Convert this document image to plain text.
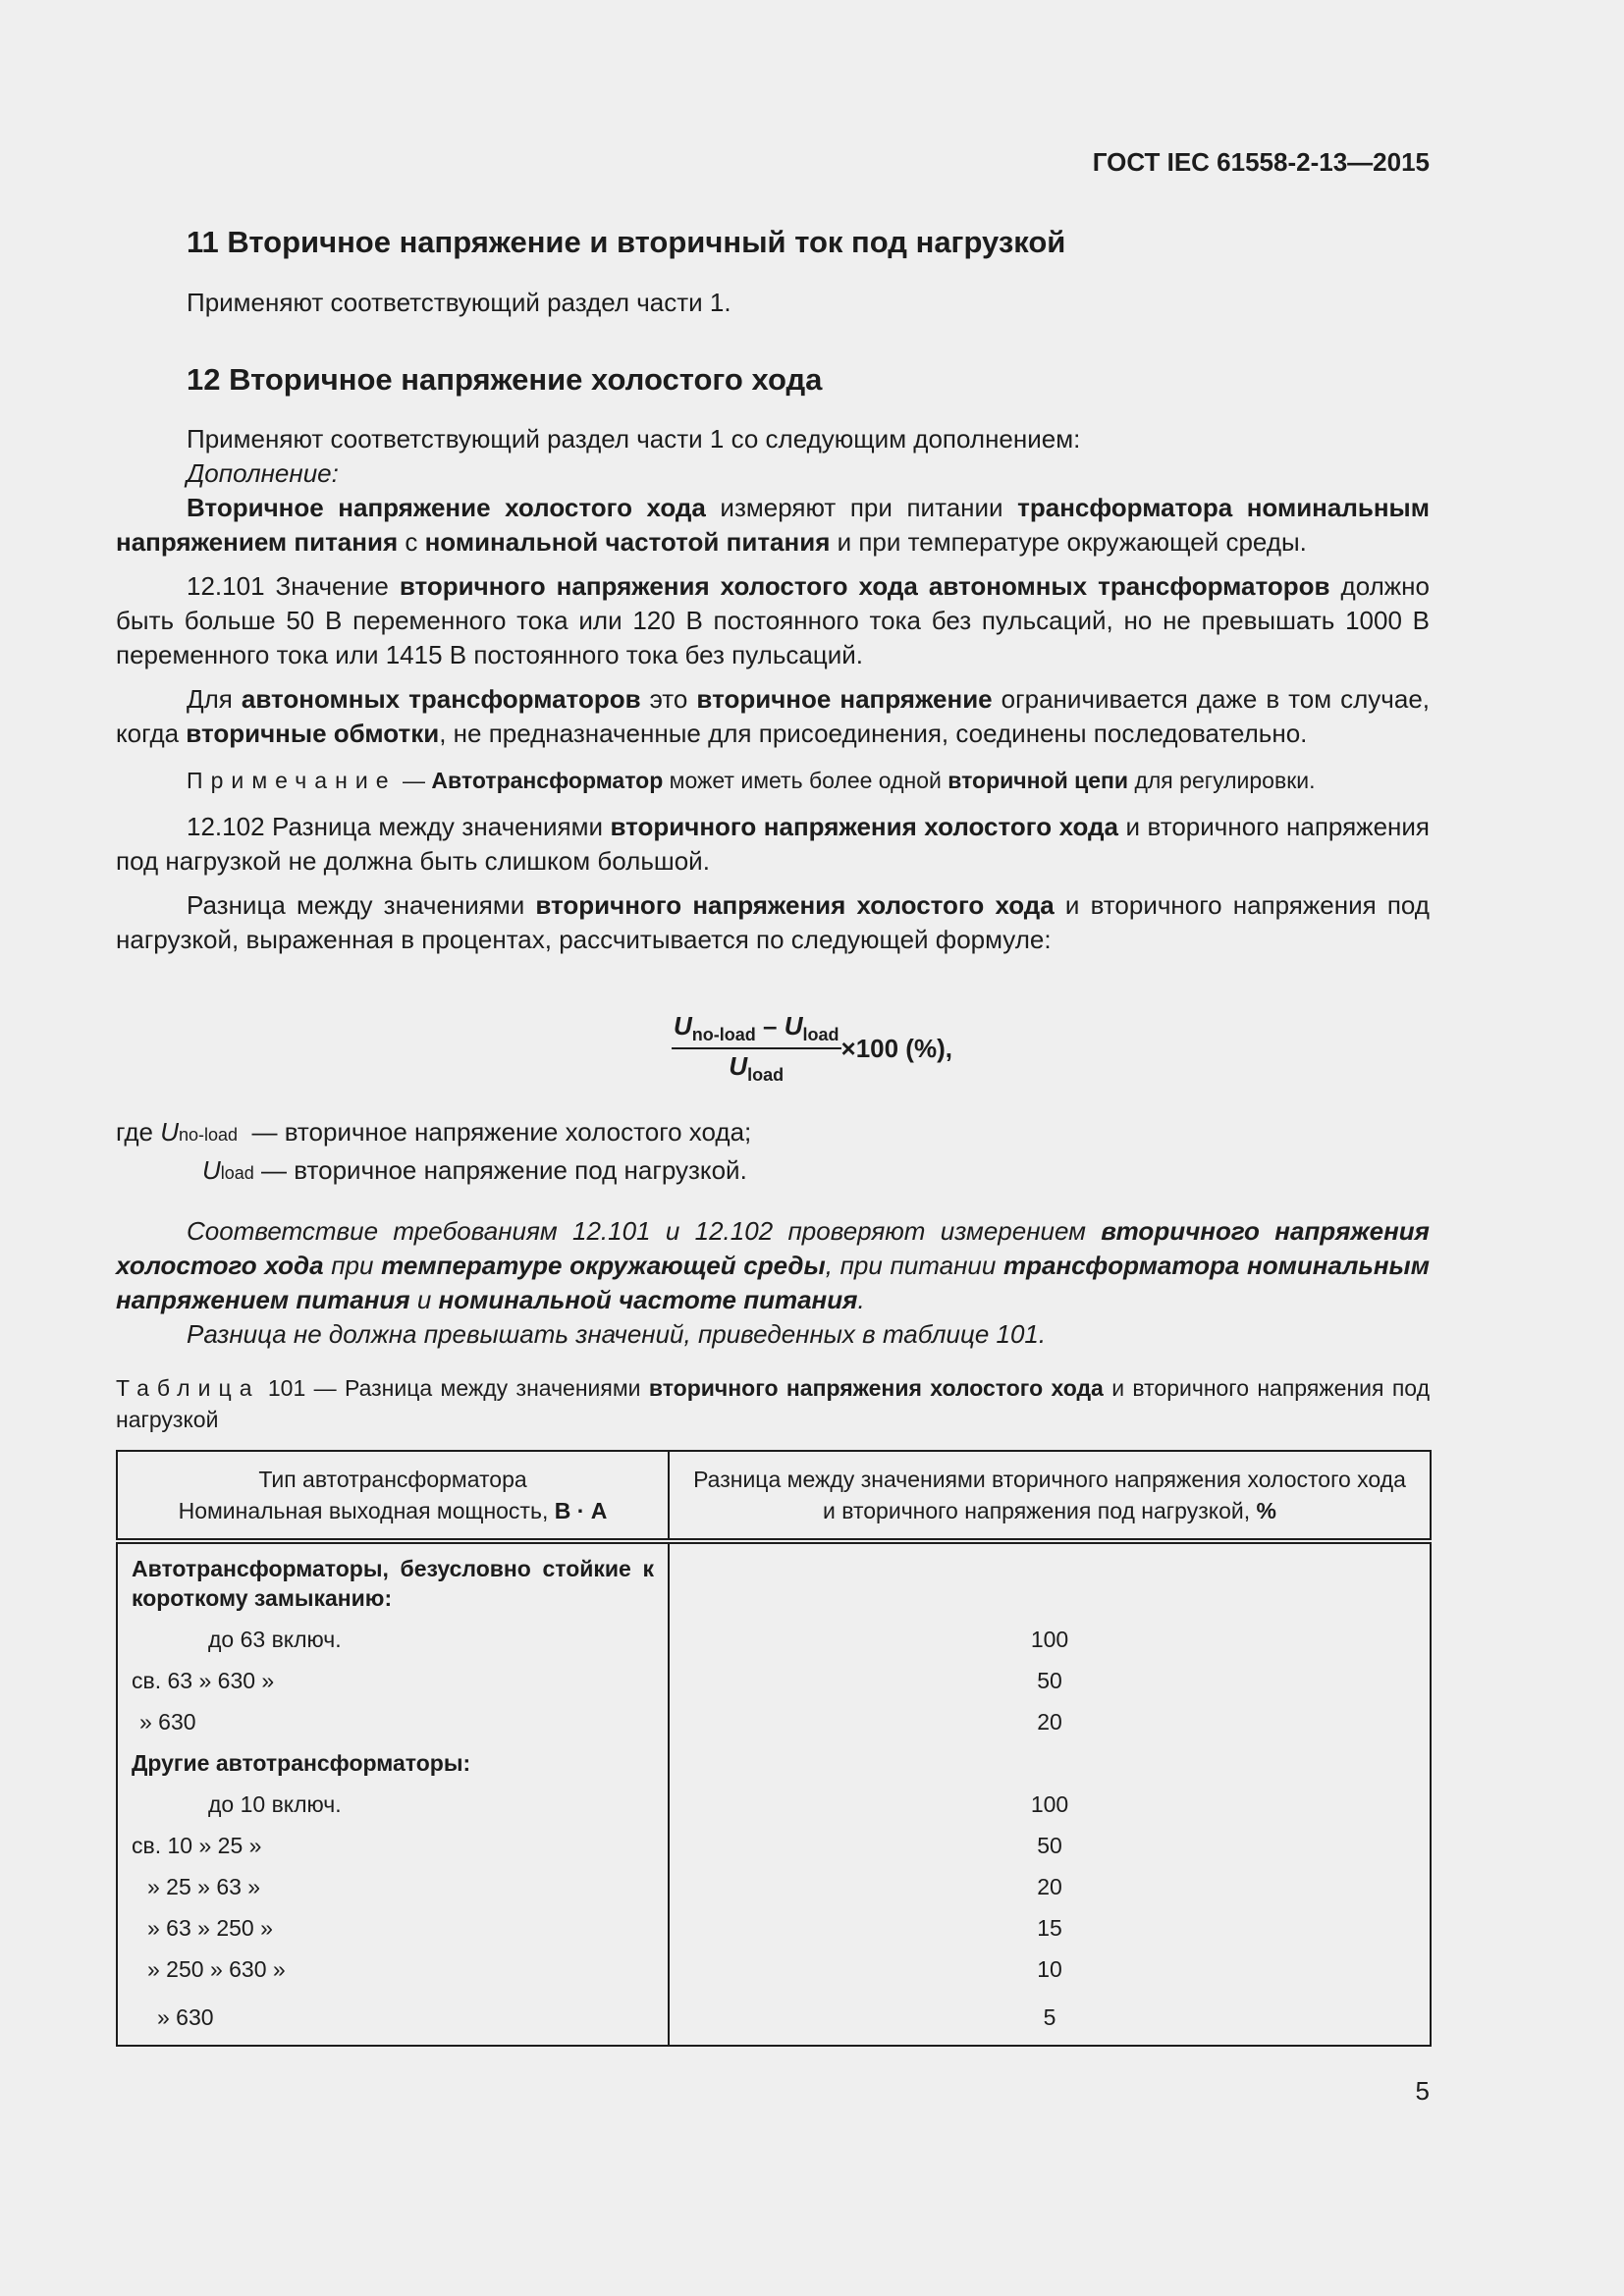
ГОСТ IEC 61558-2-13—2015
11 Вторичное напряжение и вторичный ток под нагрузкой

Применяют соответствующий раздел части 1.

12 Вторичное напряжение холостого хода

Применяют соответствующий раздел части 1 со следующим дополнением:

Дополнение:

Вторичное напряжение холостого хода измеряют при питании трансформатора номинальным напряжением питания с номинальной частотой питания и при температуре окружающей среды.

12.101 Значение вторичного напряжения холостого хода автономных трансформаторов должно быть больше 50 В переменного тока или 120 В постоянного тока без пульсаций, но не превышать 1000 В переменного тока или 1415 В постоянного тока без пульсаций.

Для автономных трансформаторов это вторичное напряжение ограничивается даже в том случае, когда вторичные обмотки, не предназначенные для присоединения, соединены последовательно.

Примечание — Автотрансформатор может иметь более одной вторичной цепи для регулировки.

12.102 Разница между значениями вторичного напряжения холостого хода и вторичного напряжения под нагрузкой не должна быть слишком большой.

Разница между значениями вторичного напряжения холостого хода и вторичного напряжения под нагрузкой, выраженная в процентах, рассчитывается по следующей формуле:

$\frac{U_{no-load} - U_{load}}{U_{load}} \times 100$ (%),
где
U no-load
— вторичное напряжение холостого хода;
U load
— вторичное напряжение под нагрузкой.

Соответствие требованиям 12.101 и 12.102 проверяют измерением вторичного напряжения холостого хода при температуре окружающей среды, при питании трансформатора номинальным напряжением питания и номинальной частоте питания.

Разница не должна превышать значений, приведенных в таблице 101.

Таблица 101 — Разница между значениями вторичного напряжения холостого хода и вторичного напряжения под нагрузкой
Тип автотрансформатора
Номинальная выходная мощность, В · А	Разница между значениями вторичного напряжения холостого хода и вторичного напряжения под нагрузкой, %
Автотрансформаторы, безусловно стойкие к короткому замыканию:	
до 63 включ.	100
св. 63 » 630 »	50
» 630	20
Другие автотрансформаторы:	
до 10 включ.	100
св. 10 » 25 »	50
» 25 » 63 »	20
» 63 » 250 »	15
» 250 » 630 »	10
» 630	5
5
